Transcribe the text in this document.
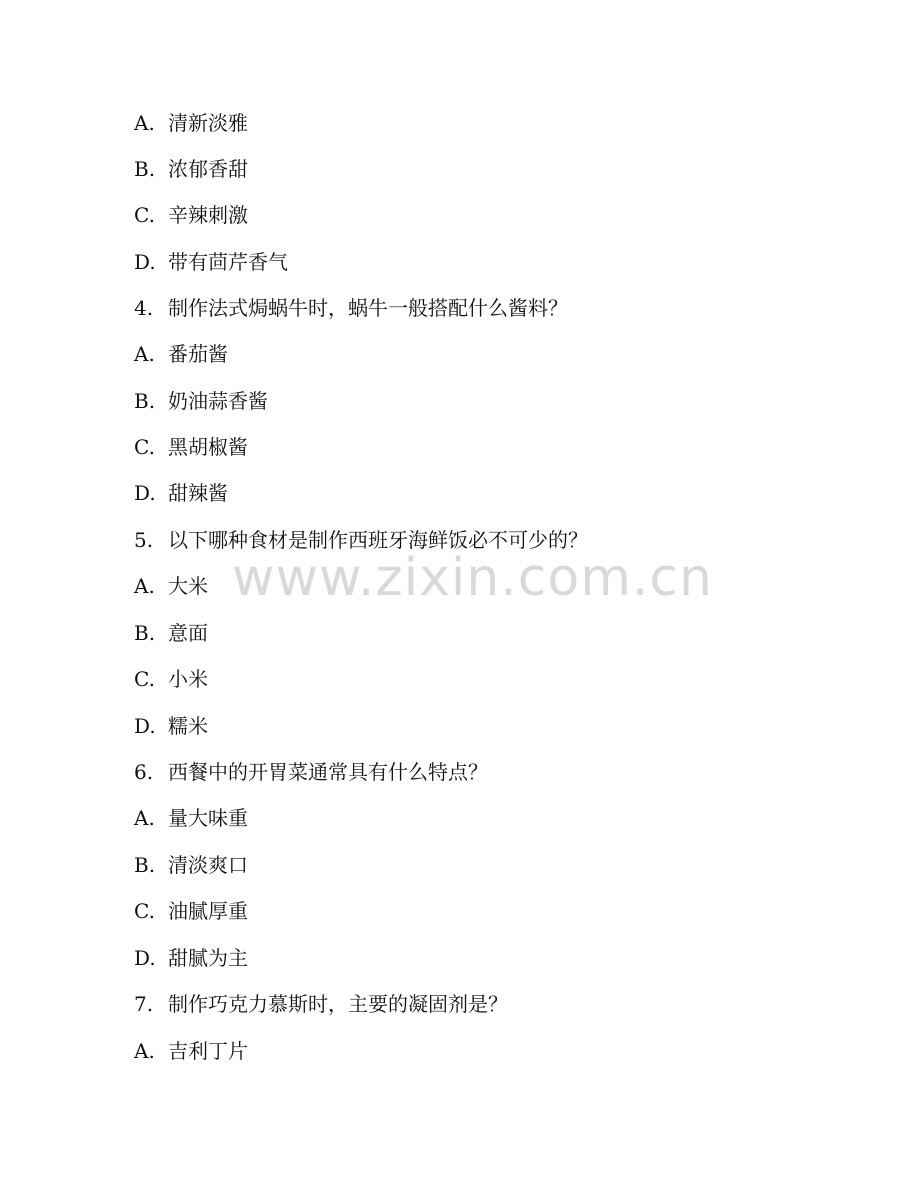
A. 清新淡雅
B. 浓郁香甜
C. 辛辣刺激
D. 带有茴芹香气
4. 制作法式焗蜗牛时，蜗牛一般搭配什么酱料？
A. 番茄酱
B. 奶油蒜香酱
C. 黑胡椒酱
D. 甜辣酱
5. 以下哪种食材是制作西班牙海鲜饭必不可少的？
A. 大米
B. 意面
C. 小米
D. 糯米
6. 西餐中的开胃菜通常具有什么特点？
A. 量大味重
B. 清淡爽口
C. 油腻厚重
D. 甜腻为主
7. 制作巧克力慕斯时，主要的凝固剂是？
A. 吉利丁片
www.zixin.com.cn
